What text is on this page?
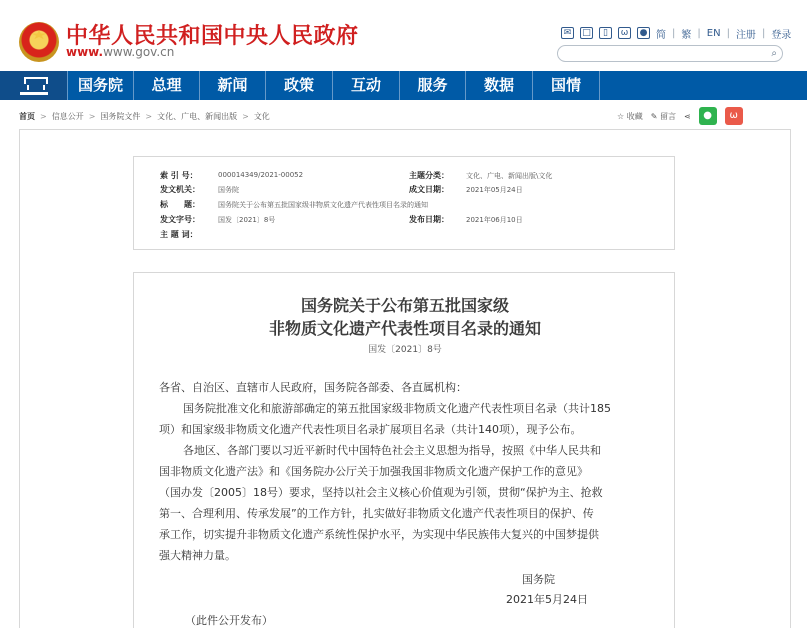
中华人民共和国中央人民政府
www.www.gov.cn
✉	□	▯	ω	● 简 | 繁 | EN | 注册 | 登录
⌕
国务院	总理	新闻	政策	互动	服务	数据	国情
首页 > 信息公开 > 国务院文件 > 文化、广电、新闻出版 > 文化	☆ 收藏 ✎ 留言 ⋖	●	ω
索 引 号：	000014349/2021-00052	主题分类： 文化、广电、新闻出版\文化
发文机关：	国务院	成文日期： 2021年05月24日
标　　题：	国务院关于公布第五批国家级非物质文化遗产代表性项目名录的通知
发文字号：	国发〔2021〕8号	发布日期： 2021年06月10日
主 题 词：
国务院关于公布第五批国家级
非物质文化遗产代表性项目名录的通知
国发〔2021〕8号

各省、自治区、直辖市人民政府，国务院各部委、各直属机构：

国务院批准文化和旅游部确定的第五批国家级非物质文化遗产代表性项目名录（共计185

项）和国家级非物质文化遗产代表性项目名录扩展项目名录（共计140项），现予公布。

各地区、各部门要以习近平新时代中国特色社会主义思想为指导，按照《中华人民共和

国非物质文化遗产法》和《国务院办公厅关于加强我国非物质文化遗产保护工作的意见》

（国办发〔2005〕18号）要求，坚持以社会主义核心价值观为引领，贯彻“保护为主、抢救

第一、合理利用、传承发展”的工作方针，扎实做好非物质文化遗产代表性项目的保护、传

承工作，切实提升非物质文化遗产系统性保护水平，为实现中华民族伟大复兴的中国梦提供

强大精神力量。

国务院
2021年5月24日
（此件公开发布）
